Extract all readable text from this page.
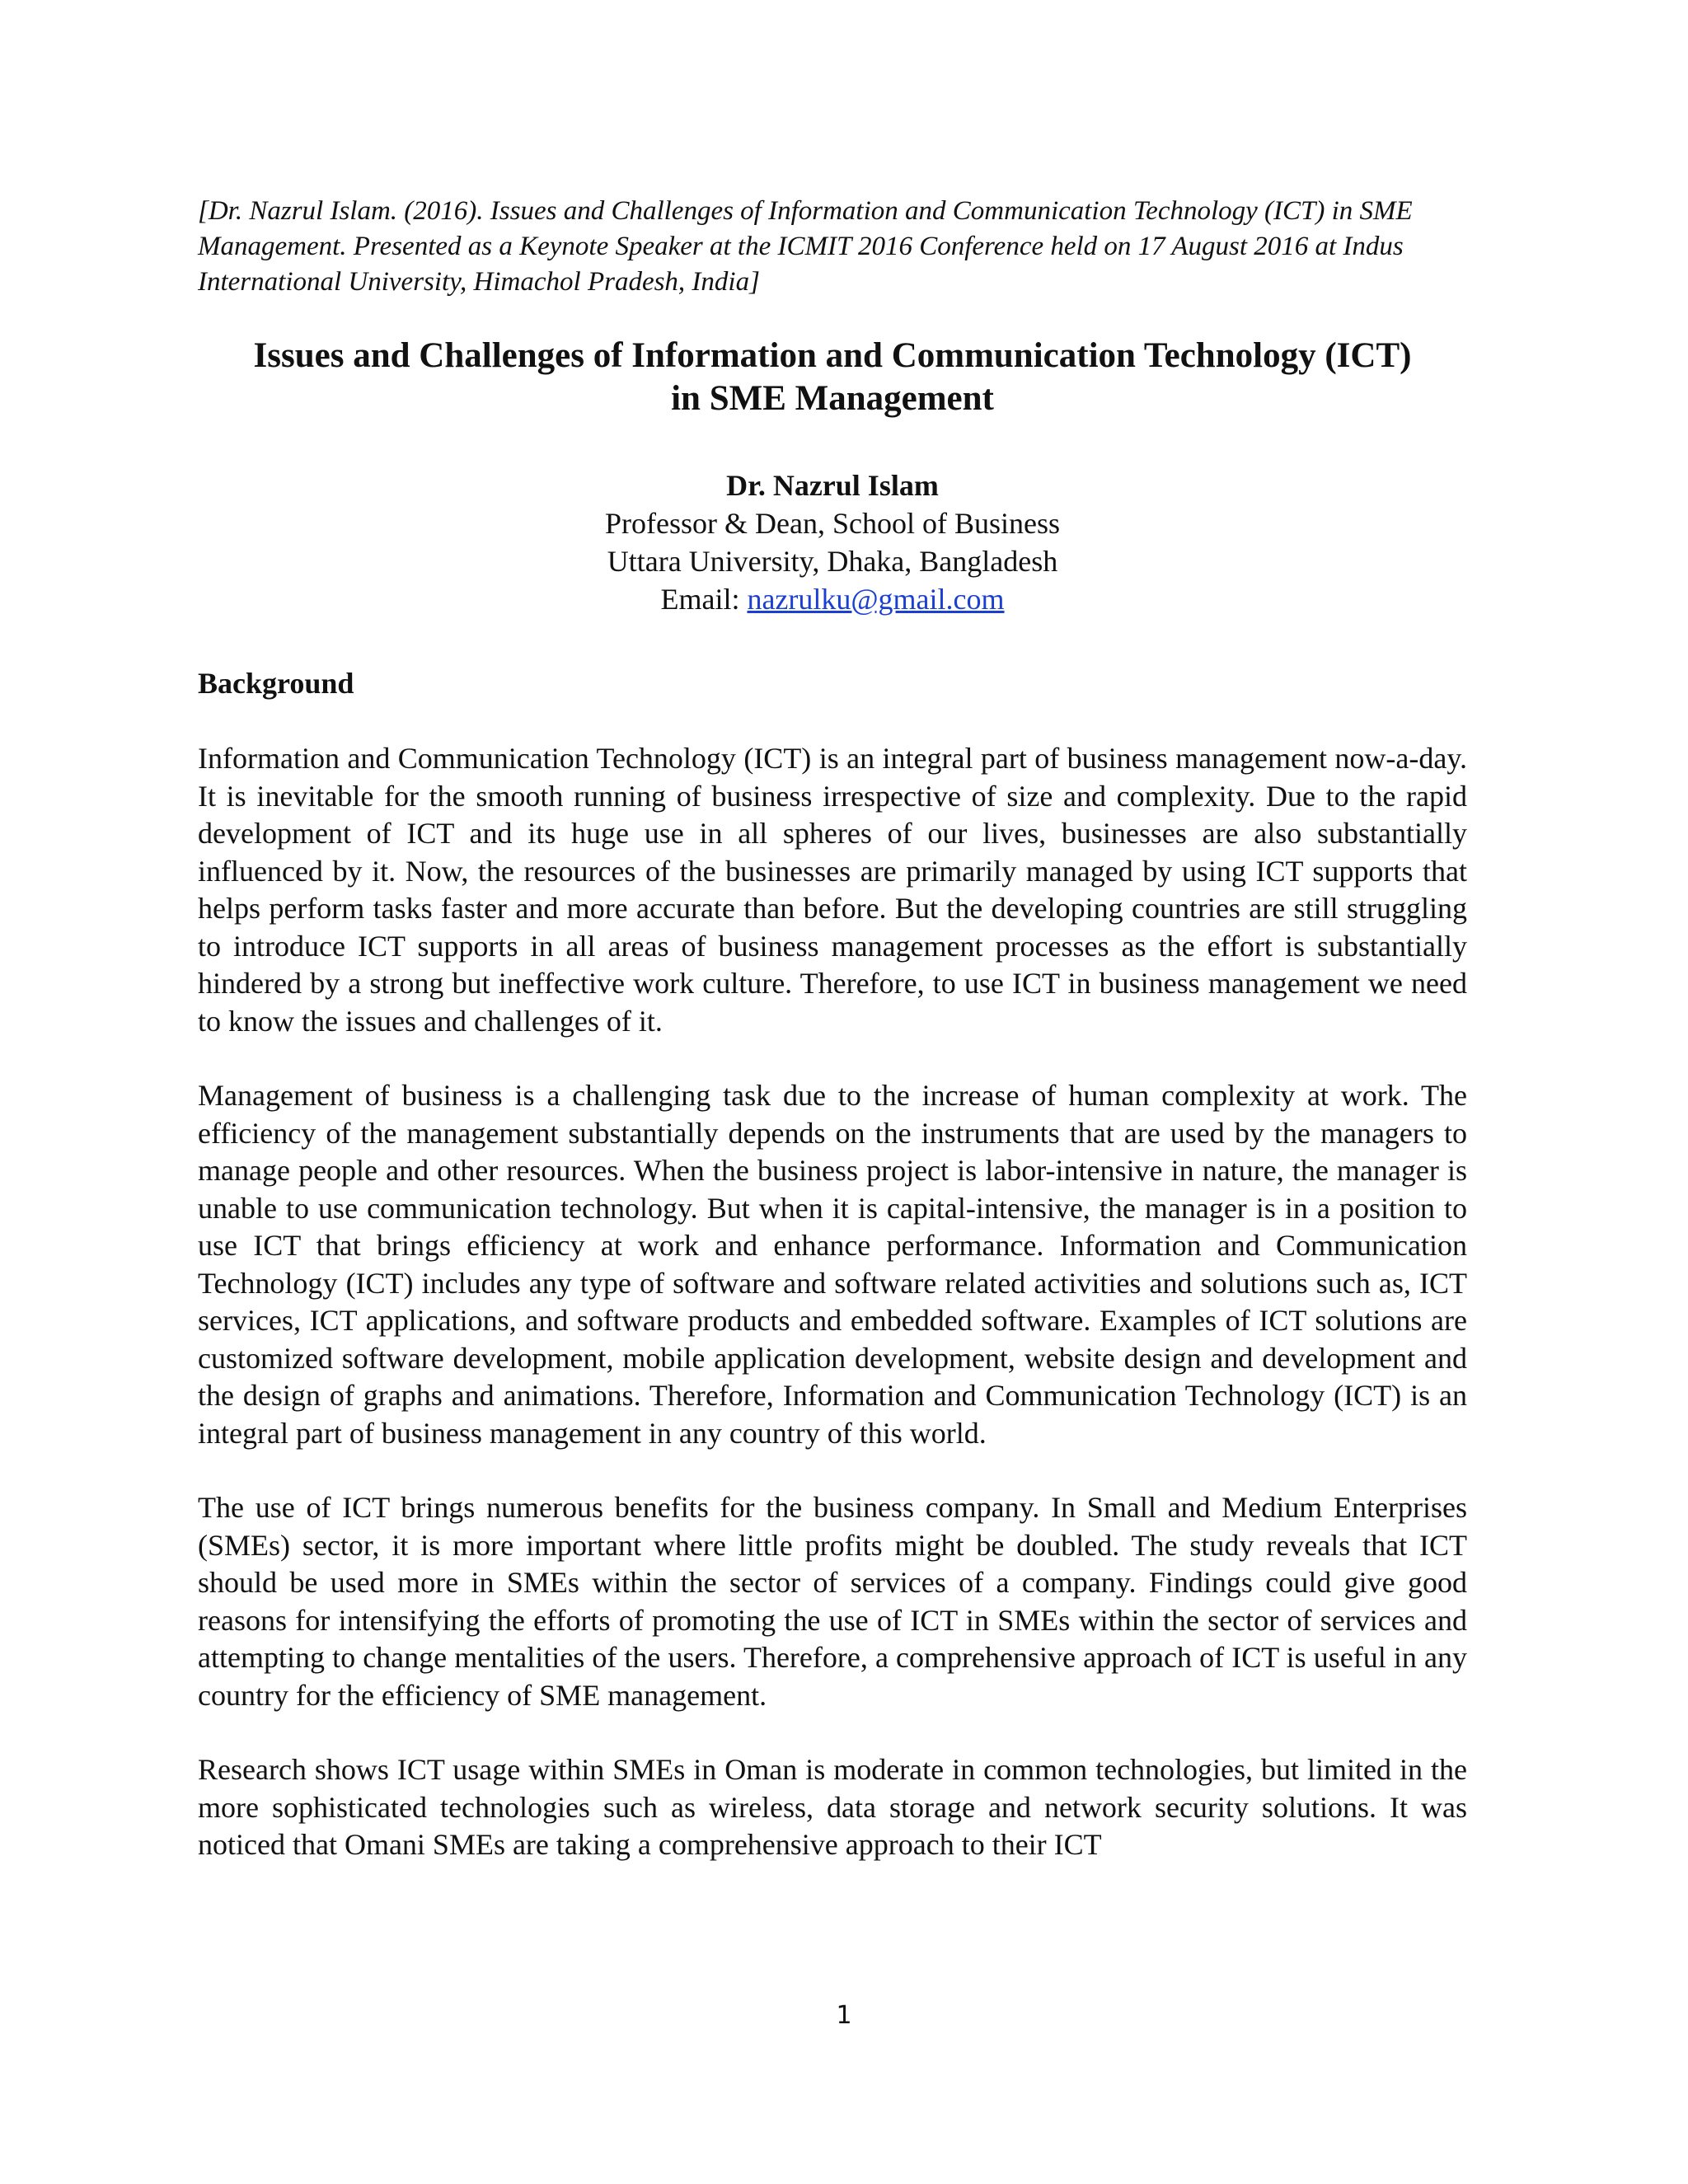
[Dr. Nazrul Islam. (2016). Issues and Challenges of Information and Communication Technology (ICT) in SME Management. Presented as a Keynote Speaker at the ICMIT 2016 Conference held on 17 August 2016 at Indus International University, Himachol Pradesh, India]

Issues and Challenges of Information and Communication Technology (ICT)
in SME Management
Dr. Nazrul Islam
Professor & Dean, School of Business
Uttara University, Dhaka, Bangladesh
Email: nazrulku@gmail.com
Background

Information and Communication Technology (ICT) is an integral part of business management now-a-day. It is inevitable for the smooth running of business irrespective of size and complexity. Due to the rapid development of ICT and its huge use in all spheres of our lives, businesses are also substantially influenced by it. Now, the resources of the businesses are primarily managed by using ICT supports that helps perform tasks faster and more accurate than before. But the developing countries are still struggling to introduce ICT supports in all areas of business management processes as the effort is substantially hindered by a strong but ineffective work culture. Therefore, to use ICT in business management we need to know the issues and challenges of it.

Management of business is a challenging task due to the increase of human complexity at work. The efficiency of the management substantially depends on the instruments that are used by the managers to manage people and other resources. When the business project is labor-intensive in nature, the manager is unable to use communication technology. But when it is capital-intensive, the manager is in a position to use ICT that brings efficiency at work and enhance performance. Information and Communication Technology (ICT) includes any type of software and software related activities and solutions such as, ICT services, ICT applications, and software products and embedded software. Examples of ICT solutions are customized software development, mobile application development, website design and development and the design of graphs and animations. Therefore, Information and Communication Technology (ICT) is an integral part of business management in any country of this world.

The use of ICT brings numerous benefits for the business company. In Small and Medium Enterprises (SMEs) sector, it is more important where little profits might be doubled. The study reveals that ICT should be used more in SMEs within the sector of services of a company. Findings could give good reasons for intensifying the efforts of promoting the use of ICT in SMEs within the sector of services and attempting to change mentalities of the users. Therefore, a comprehensive approach of ICT is useful in any country for the efficiency of SME management.

Research shows ICT usage within SMEs in Oman is moderate in common technologies, but limited in the more sophisticated technologies such as wireless, data storage and network security solutions. It was noticed that Omani SMEs are taking a comprehensive approach to their ICT

1
